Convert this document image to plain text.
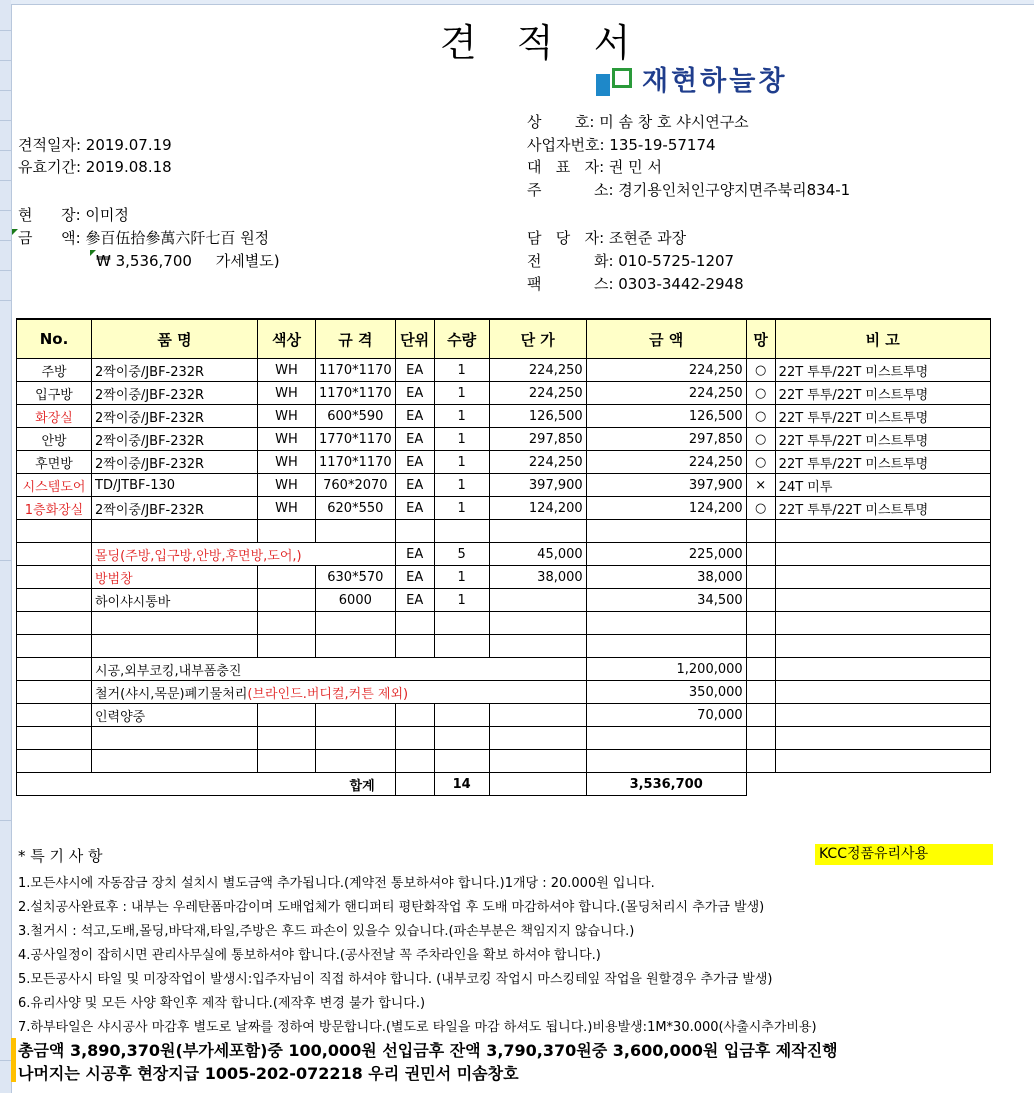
견 적 서
재현하늘창
견적일자: 2019.07.19
유효기간: 2019.08.18
현      장: 이미정
금      액: 參百伍拾參萬六阡七百 원정
₩ 3,536,700 가세별도)
상       호: 미 솜 창 호 샤시연구소
사업자번호: 135-19-57174
대   표   자: 권 민 서
주           소: 경기용인처인구양지면주북리834-1
담   당   자: 조현준 과장
전           화: 010-5725-1207
팩           스: 0303-3442-2948
No.	품 명	색상	규 격	단위	수량	단 가	금 액	망	비 고
주방	2짝이중/JBF-232R	WH	1170*1170	EA	1	224,250	224,250	○	22T 투투/22T 미스트투명
입구방	2짝이중/JBF-232R	WH	1170*1170	EA	1	224,250	224,250	○	22T 투투/22T 미스트투명
화장실	2짝이중/JBF-232R	WH	600*590	EA	1	126,500	126,500	○	22T 투투/22T 미스트투명
안방	2짝이중/JBF-232R	WH	1770*1170	EA	1	297,850	297,850	○	22T 투투/22T 미스트투명
후면방	2짝이중/JBF-232R	WH	1170*1170	EA	1	224,250	224,250	○	22T 투투/22T 미스트투명
시스템도어	TD/JTBF-130	WH	760*2070	EA	1	397,900	397,900	×	24T 미투
1층화장실	2짝이중/JBF-232R	WH	620*550	EA	1	124,200	124,200	○	22T 투투/22T 미스트투명

	몰딩(주방,입구방,안방,후면방,도어,)			EA	5	45,000	225,000		
	방범창		630*570	EA	1	38,000	38,000		
	하이샤시통바		6000	EA	1		34,500		

	시공,외부코킹,내부폼충진						1,200,000		
	철거(샤시,목문)폐기물처리(브라인드.버디컬,커튼 제외)						350,000		
	인력양중						70,000		

합계					14		3,536,700		
* 특 기 사 항	KCC정품유리사용
1.모든샤시에 자동잠금 장치 설치시 별도금액 추가됩니다.(계약전 통보하셔야 합니다.)1개당 : 20.000원 입니다.
2.설치공사완료후 : 내부는 우레탄폼마감이며 도배업체가 핸디퍼티 평탄화작업 후 도배 마감하셔야 합니다.(몰딩처리시 추가금 발생)
3.철거시 : 석고,도배,몰딩,바닥재,타일,주방은 후드 파손이 있을수 있습니다.(파손부분은 책임지지 않습니다.)
4.공사일정이 잡히시면 관리사무실에 통보하셔야 합니다.(공사전날 꼭 주차라인을 확보 하셔야 합니다.)
5.모든공사시 타일 및 미장작업이 발생시:입주자님이 직접 하셔야 합니다. (내부코킹 작업시 마스킹테잎 작업을 원할경우 추가금 발생)
6.유리사양 및 모든 사양 확인후 제작 합니다.(제작후 변경 불가 합니다.)
7.하부타일은 샤시공사 마감후 별도로 날짜를 정하여 방문합니다.(별도로 타일을 마감 하셔도 됩니다.)비용발생:1M*30.000(사출시추가비용)
총금액 3,890,370원(부가세포함)중 100,000원 선입금후 잔액 3,790,370원중 3,600,000원 입금후 제작진행
나머지는 시공후 현장지급 1005-202-072218 우리 권민서 미솜창호
